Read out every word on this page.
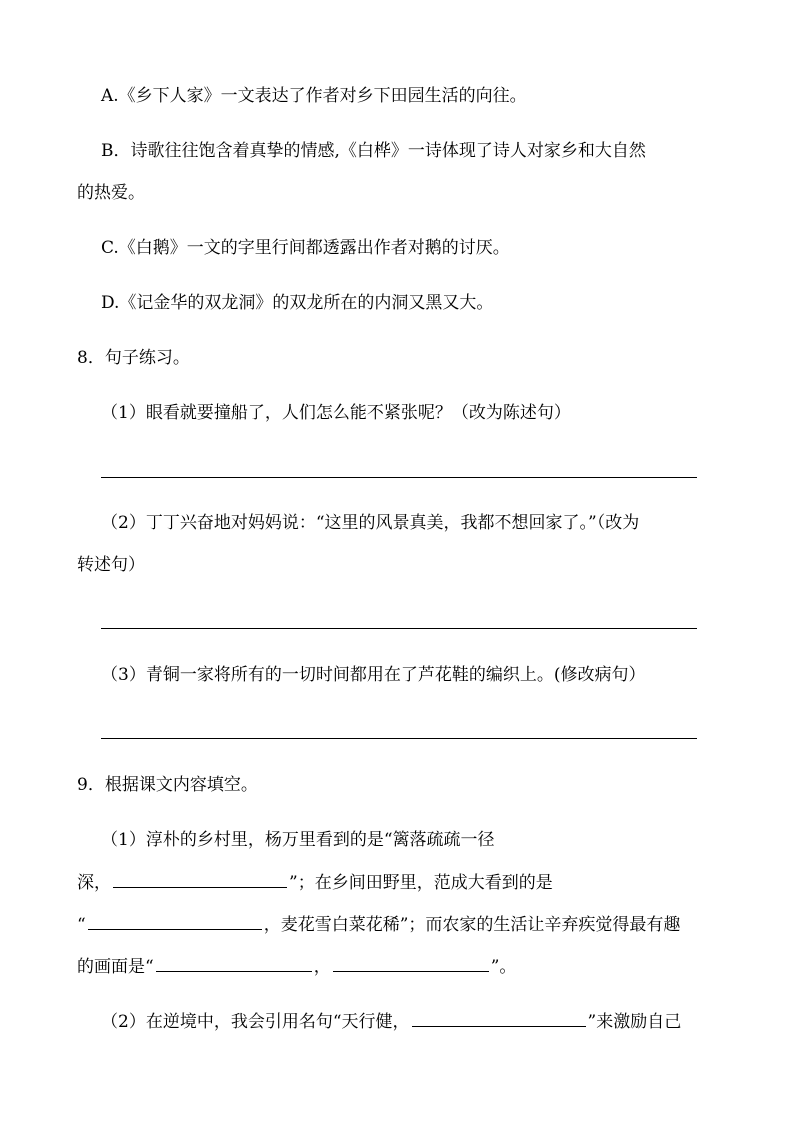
A.《乡下人家》一文表达了作者对乡下田园生活的向往。
B．诗歌往往饱含着真挚的情感,《白桦》一诗体现了诗人对家乡和大自然
的热爱。
C.《白鹅》一文的字里行间都透露出作者对鹅的讨厌。
D.《记金华的双龙洞》的双龙所在的内洞又黑又大。
8．句子练习。
（1）眼看就要撞船了，人们怎么能不紧张呢？（改为陈述句）
（2）丁丁兴奋地对妈妈说：“这里的风景真美，我都不想回家了。”（改为
转述句）
（3）青铜一家将所有的一切时间都用在了芦花鞋的编织上。(修改病句）
9．根据课文内容填空。
（1）淳朴的乡村里，杨万里看到的是“篱落疏疏一径
深，	”；在乡间田野里，范成大看到的是
“	，麦花雪白菜花稀”；而农家的生活让辛弃疾觉得最有趣
的画面是“	，	”。
（2）在逆境中，我会引用名句“天行健，	”来激励自己
